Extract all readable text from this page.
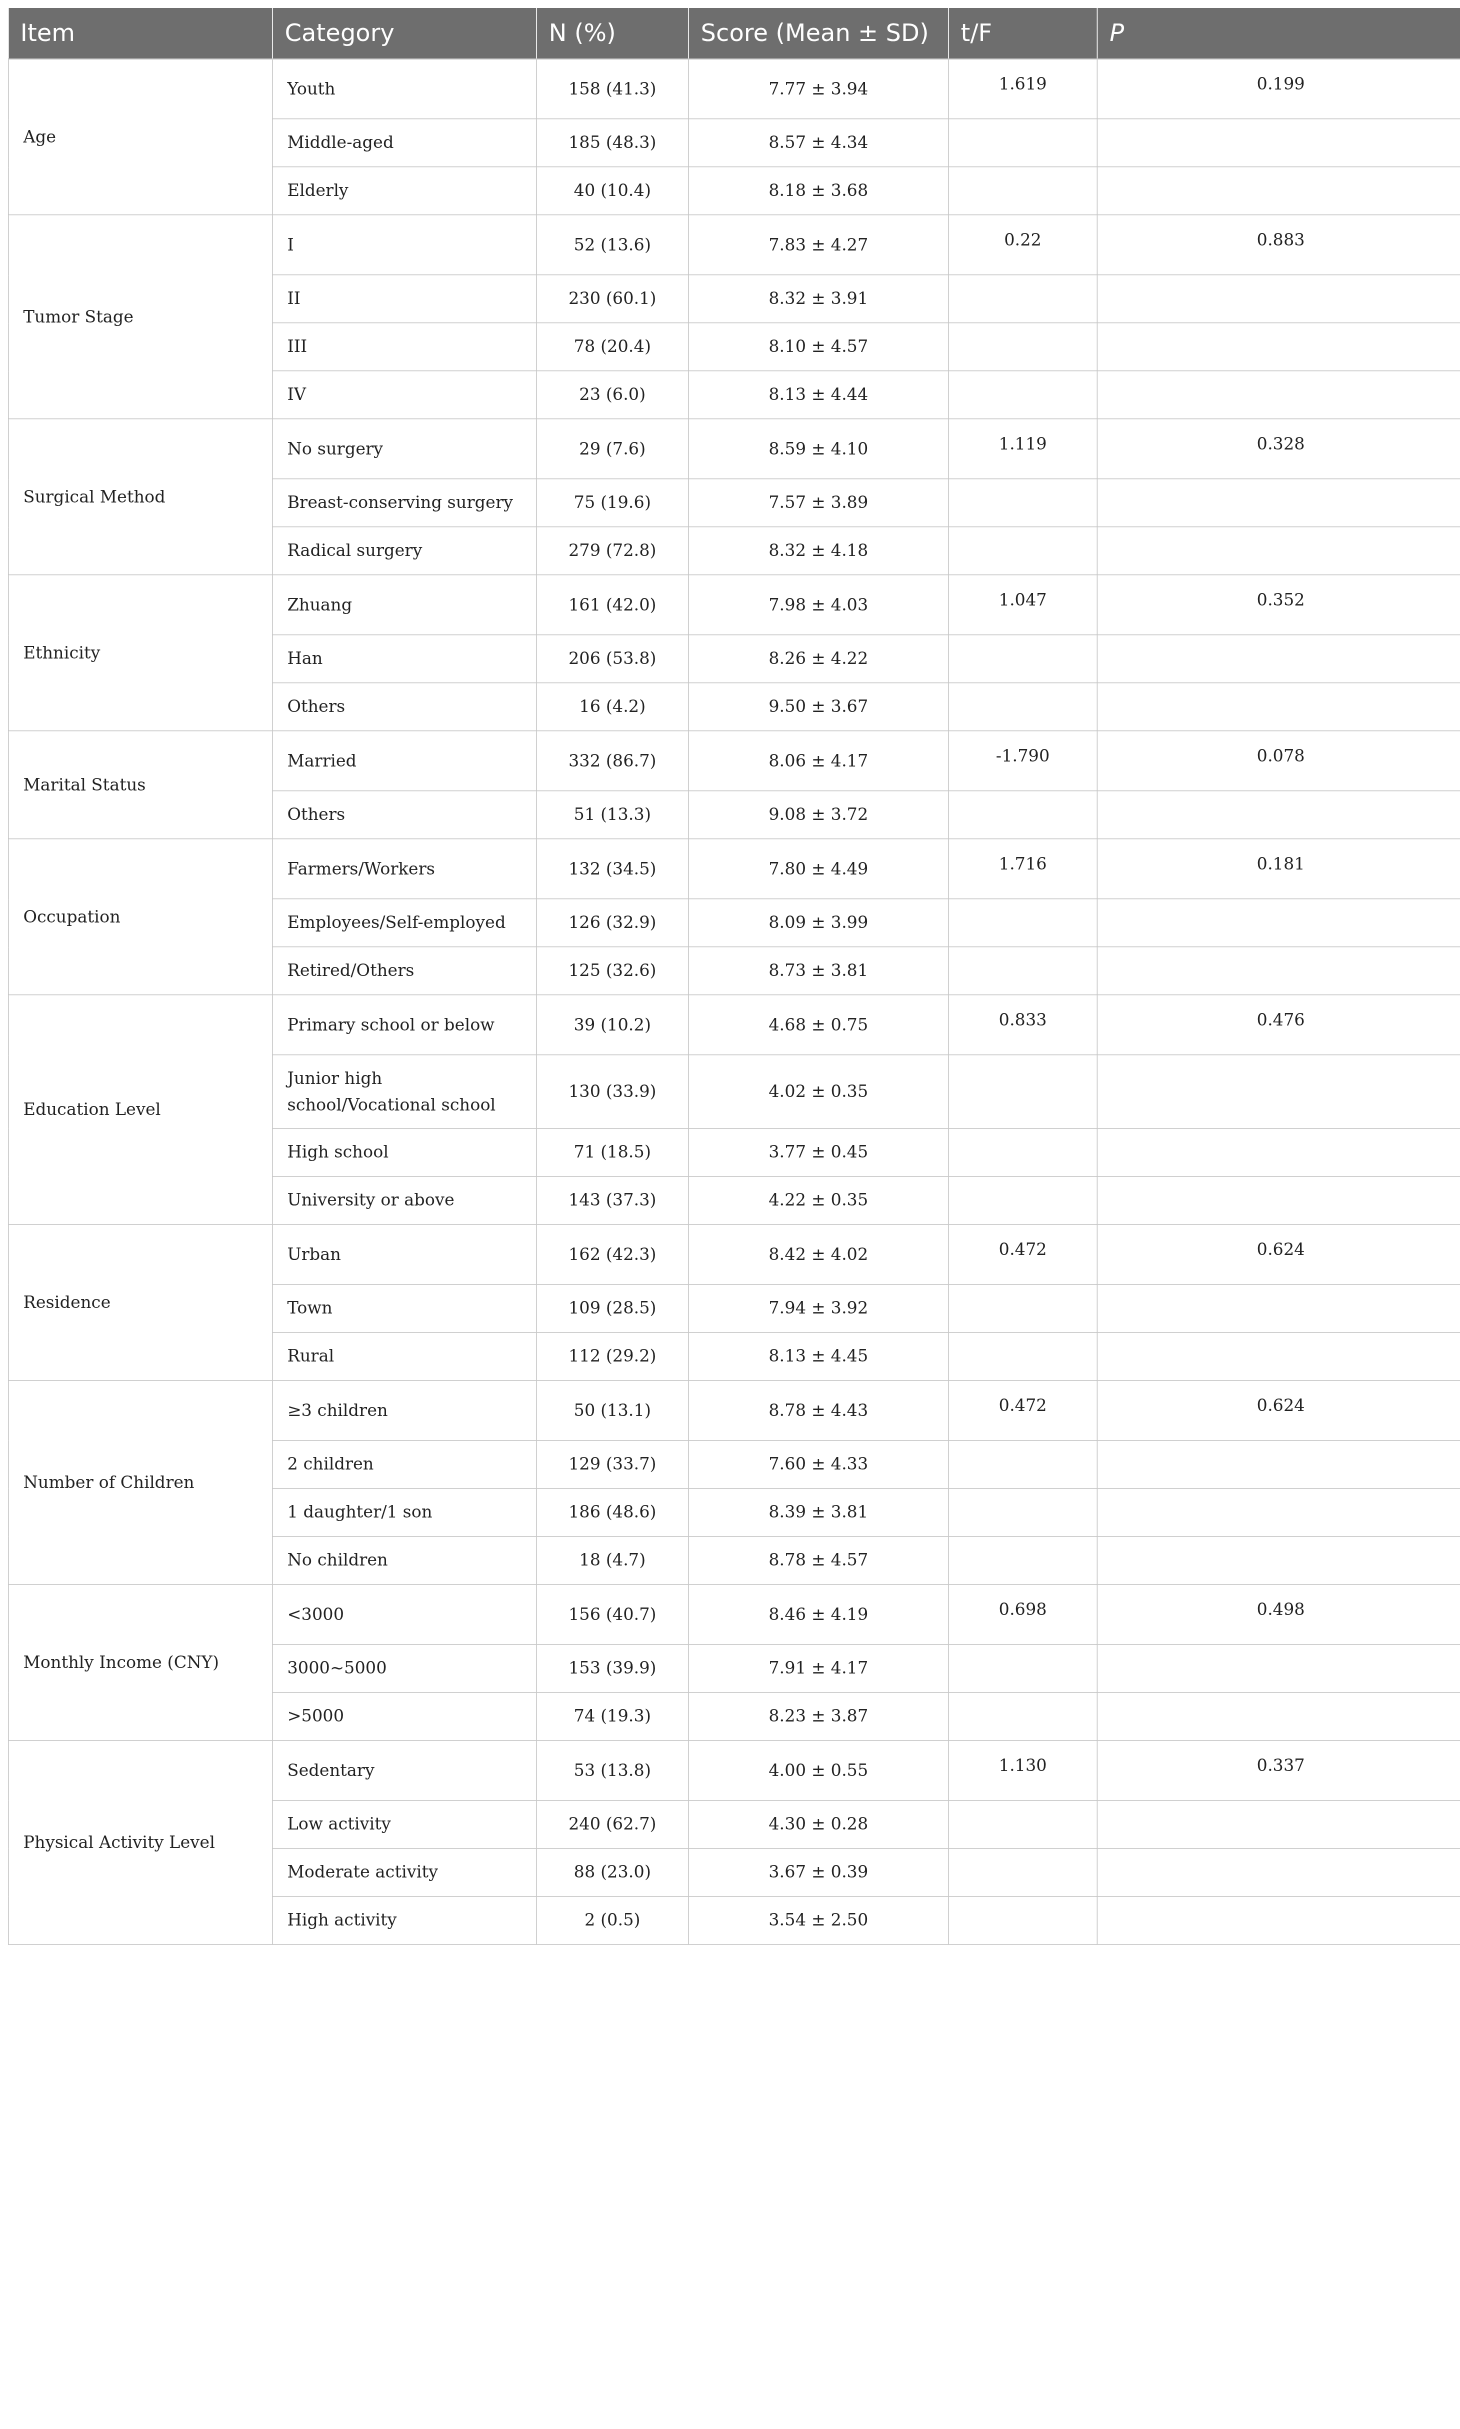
Item	Category	N (%)	Score (Mean ± SD)	t/F	P
Age	Youth	158 (41.3)	7.77 ± 3.94	1.619	0.199
	Middle-aged	185 (48.3)	8.57 ± 4.34		
	Elderly	40 (10.4)	8.18 ± 3.68		
Tumor Stage	I	52 (13.6)	7.83 ± 4.27	0.22	0.883
	II	230 (60.1)	8.32 ± 3.91		
	III	78 (20.4)	8.10 ± 4.57		
	IV	23 (6.0)	8.13 ± 4.44		
Surgical Method	No surgery	29 (7.6)	8.59 ± 4.10	1.119	0.328
	Breast-conserving surgery	75 (19.6)	7.57 ± 3.89		
	Radical surgery	279 (72.8)	8.32 ± 4.18		
Ethnicity	Zhuang	161 (42.0)	7.98 ± 4.03	1.047	0.352
	Han	206 (53.8)	8.26 ± 4.22		
	Others	16 (4.2)	9.50 ± 3.67		
Marital Status	Married	332 (86.7)	8.06 ± 4.17	-1.790	0.078
	Others	51 (13.3)	9.08 ± 3.72		
Occupation	Farmers/Workers	132 (34.5)	7.80 ± 4.49	1.716	0.181
	Employees/Self-employed	126 (32.9)	8.09 ± 3.99		
	Retired/Others	125 (32.6)	8.73 ± 3.81		
Education Level	Primary school or below	39 (10.2)	4.68 ± 0.75	0.833	0.476
	Junior high school/Vocational school	130 (33.9)	4.02 ± 0.35		
	High school	71 (18.5)	3.77 ± 0.45		
	University or above	143 (37.3)	4.22 ± 0.35		
Residence	Urban	162 (42.3)	8.42 ± 4.02	0.472	0.624
	Town	109 (28.5)	7.94 ± 3.92		
	Rural	112 (29.2)	8.13 ± 4.45		
Number of Children	≥3 children	50 (13.1)	8.78 ± 4.43	0.472	0.624
	2 children	129 (33.7)	7.60 ± 4.33		
	1 daughter/1 son	186 (48.6)	8.39 ± 3.81		
	No children	18 (4.7)	8.78 ± 4.57		
Monthly Income (CNY)	<3000	156 (40.7)	8.46 ± 4.19	0.698	0.498
	3000~5000	153 (39.9)	7.91 ± 4.17		
	>5000	74 (19.3)	8.23 ± 3.87		
Physical Activity Level	Sedentary	53 (13.8)	4.00 ± 0.55	1.130	0.337
	Low activity	240 (62.7)	4.30 ± 0.28		
	Moderate activity	88 (23.0)	3.67 ± 0.39		
	High activity	2 (0.5)	3.54 ± 2.50		
